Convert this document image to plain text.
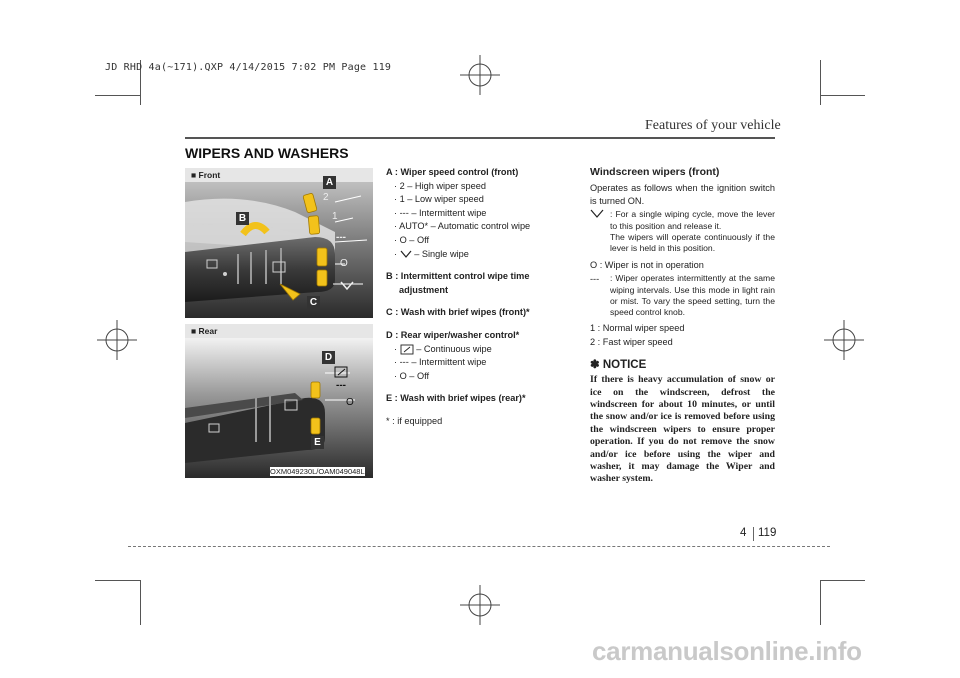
JD RHD 4a(~171).QXP 4/14/2015 7:02 PM Page 119
Features of your vehicle
WIPERS AND WASHERS
■ Front
A
B
C
2
1
---
O
■ Rear
D
E
---
O
OXM049230L/OAM049048L
A : Wiper speed control (front)
· 2 – High wiper speed
· 1 – Low wiper speed
· --- – Intermittent wipe
· AUTO* – Automatic control wipe
· O – Off
·  – Single wipe
B : Intermittent control wipe time
adjustment
C : Wash with brief wipes (front)*
D : Rear wiper/washer control*
·  – Continuous wipe
· --- – Intermittent wipe
· O – Off
E : Wash with brief wipes (rear)*
* : if equipped
Windscreen wipers (front)

Operates as follows when the ignition switch is turned ON.

: For a single wiping cycle, move the lever to this position and release it.
The wipers will operate continuously if the lever is held in this position.

O : Wiper is not in operation

---	: Wiper operates intermittently at the same wiping intervals. Use this mode in light rain or mist. To vary the speed setting, turn the speed control knob.

1 : Normal wiper speed

2 : Fast wiper speed

✽ NOTICE
If there is heavy accumulation of snow or ice on the windscreen, defrost the windscreen for about 10 minutes, or until the snow and/or ice is removed before using the windscreen wipers to ensure proper operation. If you do not remove the snow and/or ice before using the wiper and washer, it may damage the Wiper and washer system.
4 119
carmanualsonline.info
